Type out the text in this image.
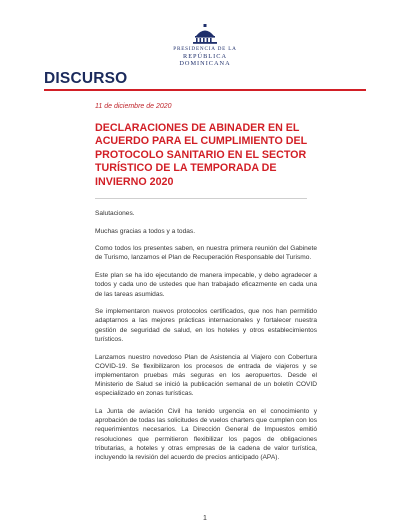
PRESIDENCIA DE LA
REPÚBLICA DOMINICANA
DISCURSO
11 de diciembre de 2020
DECLARACIONES DE ABINADER EN EL ACUERDO PARA EL CUMPLIMIENTO DEL PROTOCOLO SANITARIO EN EL SECTOR TURÍSTICO DE LA TEMPORADA DE INVIERNO 2020
Salutaciones.
Muchas gracias a todos y a todas.
Como todos los presentes saben, en nuestra primera reunión del Gabinete de Turismo, lanzamos el Plan de Recuperación Responsable del Turismo.
Este plan se ha ido ejecutando de manera impecable, y debo agradecer a todos y cada uno de ustedes que han trabajado eficazmente en cada una de las tareas asumidas.
Se implementaron nuevos protocolos certificados, que nos han permitido adaptarnos a las mejores prácticas internacionales y fortalecer nuestra gestión de seguridad de salud, en los hoteles y otros establecimientos turísticos.
Lanzamos nuestro novedoso Plan de Asistencia al Viajero con Cobertura COVID-19. Se flexibilizaron los procesos de entrada de viajeros y se implementaron pruebas más seguras en los aeropuertos. Desde el Ministerio de Salud se inició la publicación semanal de un boletín COVID especializado en zonas turísticas.
La Junta de aviación Civil ha tenido urgencia en el conocimiento y aprobación de todas las solicitudes de vuelos charters que cumplen con los requerimientos necesarios. La Dirección General de Impuestos emitió resoluciones que permitieron flexibilizar los pagos de obligaciones tributarias, a hoteles y otras empresas de la cadena de valor turística, incluyendo la revisión del acuerdo de precios anticipado (APA).
1
